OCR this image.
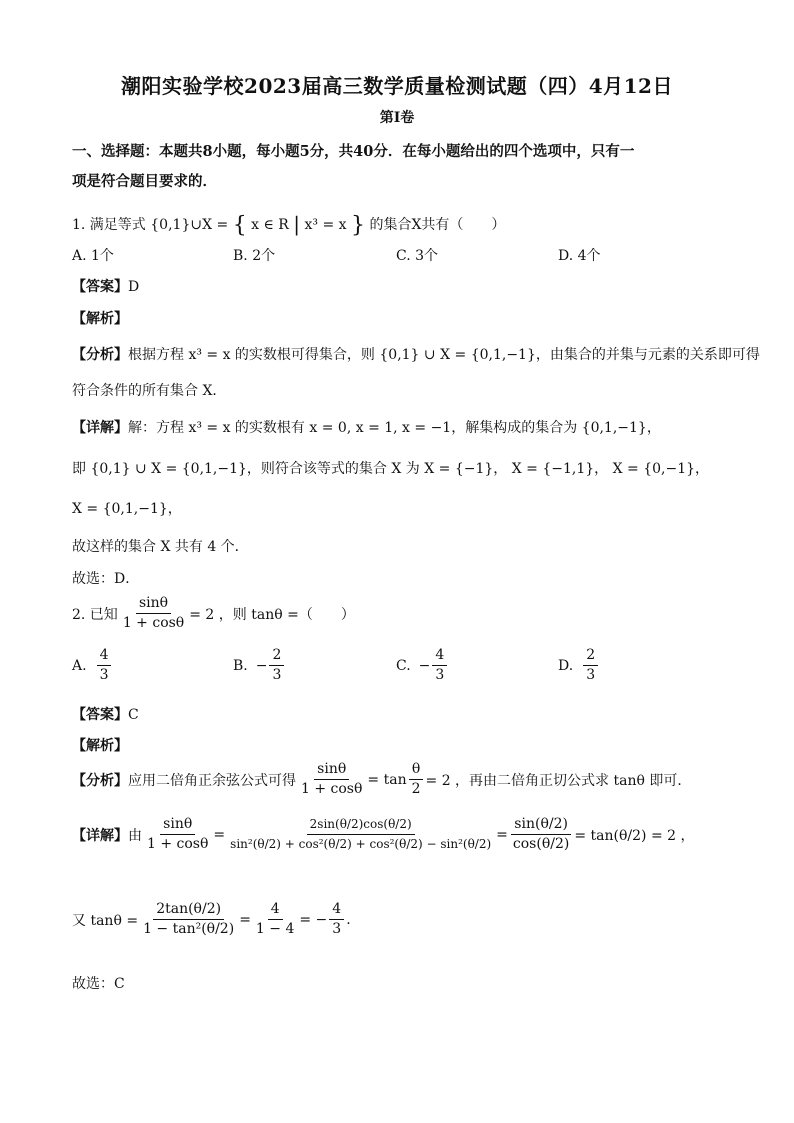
潮阳实验学校2023届高三数学质量检测试题（四）4月12日
第Ⅰ卷
一、选择题：本题共8小题，每小题5分，共40分．在每小题给出的四个选项中，只有一
项是符合题目要求的．
1. 满足等式 {0,1}∪X = { x ∈ R | x³ = x } 的集合X共有（　　）
A. 1个	B. 2个	C. 3个	D. 4个
【答案】D
【解析】
【分析】根据方程 x³ = x 的实数根可得集合，则 {0,1} ∪ X = {0,1,−1}，由集合的并集与元素的关系即可得
符合条件的所有集合 X．
【详解】解：方程 x³ = x 的实数根有 x = 0, x = 1, x = −1，解集构成的集合为 {0,1,−1}，
即 {0,1} ∪ X = {0,1,−1}，则符合该等式的集合 X 为 X = {−1}， X = {−1,1}， X = {0,−1}，
X = {0,1,−1}，
故这样的集合 X 共有 4 个．
故选：D．
2. 已知 $\frac{\sin\theta}{1 + \cos\theta} = 2$ ，则 tanθ =（　　）
A. $\frac{4}{3}$	B. − $\frac{2}{3}$	C. − $\frac{4}{3}$	D. $\frac{2}{3}$
【答案】C
【解析】
【分析】 应用二倍角正余弦公式可得 $\frac{\sin\theta}{1 + \cos\theta} = \tan \frac{\theta}{2} = 2$ ，再由二倍角正切公式求 tanθ 即可．
【详解】 由 $\frac{\sin\theta}{1 + \cos\theta} = \frac{2\sin(\theta/2)\cos(\theta/2)}{\text{sin²(θ/2) + cos²(θ/2) + cos²(θ/2) − sin²(θ/2)}} = \frac{\sin(\theta/2)}{\cos(\theta/2)} = \tan(\theta/2) = 2$ ，
又 $\tan\theta = \frac{2\tan(\theta/2)}{\text{1 − tan²(θ/2)}} = \frac{4}{1 - 4}$ = − $\frac{4}{3}$ .
故选：C
